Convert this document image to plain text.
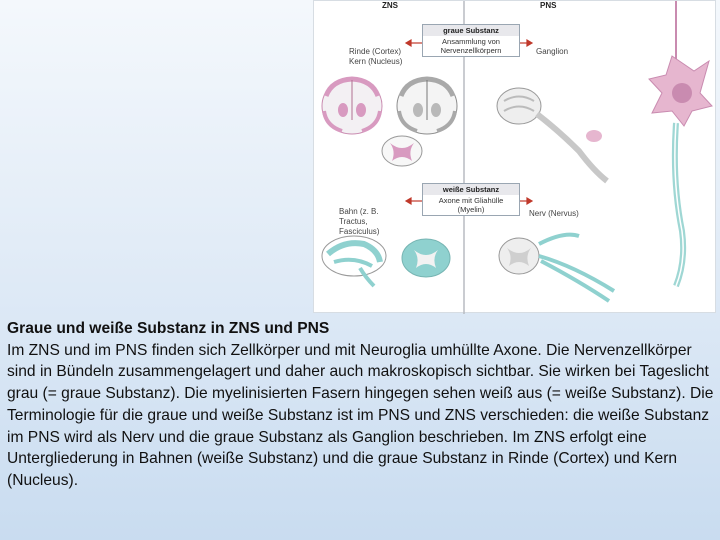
ZNS	PNS
graue Substanz
Ansammlung von Nervenzellkörpern
Rinde (Cortex) Kern (Nucleus)
Ganglion
weiße Substanz
Axone mit Gliahülle (Myelin)
Bahn (z. B. Tractus, Fasciculus)
Nerv (Nervus)
Graue und weiße Substanz in ZNS und PNS
Im ZNS und im PNS finden sich Zellkörper und mit Neuroglia umhüllte Axone. Die Nervenzellkörper sind in Bündeln zusammengelagert und daher auch makroskopisch sichtbar. Sie wirken bei Tageslicht grau (= graue Substanz). Die myelinisierten Fasern hingegen sehen weiß aus (= weiße Substanz). Die Terminologie für die graue und weiße Substanz ist im PNS und ZNS verschieden: die weiße Substanz im PNS wird als Nerv und die graue Substanz als Ganglion beschrieben. Im ZNS erfolgt eine Untergliederung in Bahnen (weiße Substanz) und die graue Substanz in Rinde (Cortex) und Kern (Nucleus).
